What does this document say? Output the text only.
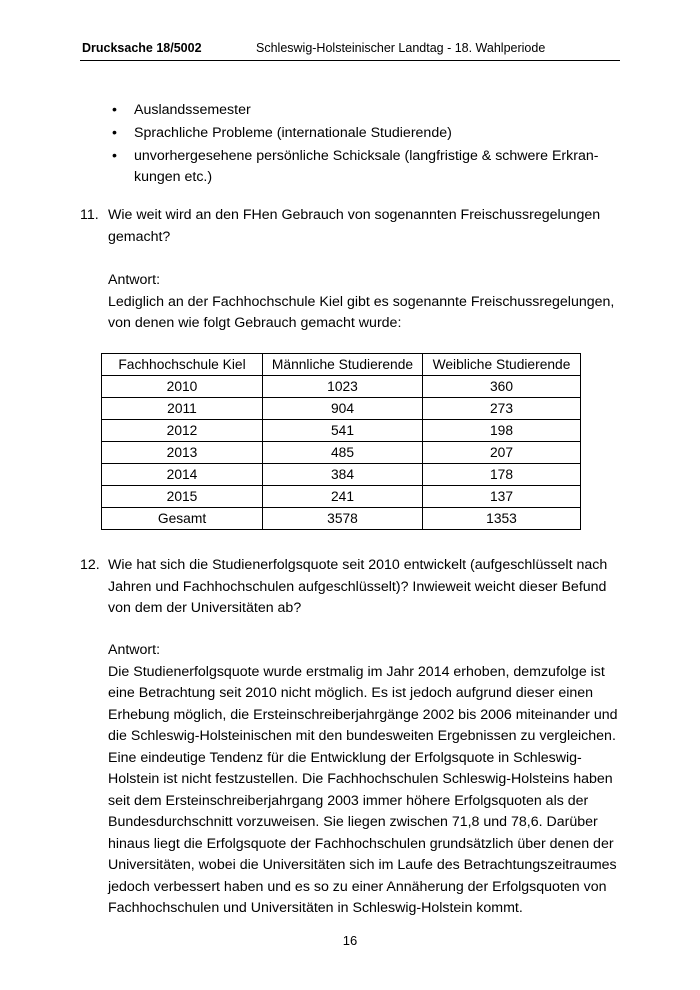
Drucksache 18/5002	Schleswig-Holsteinischer Landtag - 18. Wahlperiode
• Auslandssemester
• Sprachliche Probleme (internationale Studierende)
• unvorhergesehene persönliche Schicksale (langfristige & schwere Erkran-
kungen etc.)
11. Wie weit wird an den FHen Gebrauch von sogenannten Freischussregelungen
gemacht?
Antwort:
Lediglich an der Fachhochschule Kiel gibt es sogenannte Freischussregelungen,
von denen wie folgt Gebrauch gemacht wurde:
Fachhochschule Kiel	Männliche Studierende	Weibliche Studierende
2010	1023	360
2011	904	273
2012	541	198
2013	485	207
2014	384	178
2015	241	137
Gesamt	3578	1353
12. Wie hat sich die Studienerfolgsquote seit 2010 entwickelt (aufgeschlüsselt nach
Jahren und Fachhochschulen aufgeschlüsselt)? Inwieweit weicht dieser Befund
von dem der Universitäten ab?
Antwort:
Die Studienerfolgsquote wurde erstmalig im Jahr 2014 erhoben, demzufolge ist
eine Betrachtung seit 2010 nicht möglich. Es ist jedoch aufgrund dieser einen
Erhebung möglich, die Ersteinschreiberjahrgänge 2002 bis 2006 miteinander und
die Schleswig-Holsteinischen mit den bundesweiten Ergebnissen zu vergleichen.
Eine eindeutige Tendenz für die Entwicklung der Erfolgsquote in Schleswig-
Holstein ist nicht festzustellen. Die Fachhochschulen Schleswig-Holsteins haben
seit dem Ersteinschreiberjahrgang 2003 immer höhere Erfolgsquoten als der
Bundesdurchschnitt vorzuweisen. Sie liegen zwischen 71,8 und 78,6. Darüber
hinaus liegt die Erfolgsquote der Fachhochschulen grundsätzlich über denen der
Universitäten, wobei die Universitäten sich im Laufe des Betrachtungszeitraumes
jedoch verbessert haben und es so zu einer Annäherung der Erfolgsquoten von
Fachhochschulen und Universitäten in Schleswig-Holstein kommt.
16
